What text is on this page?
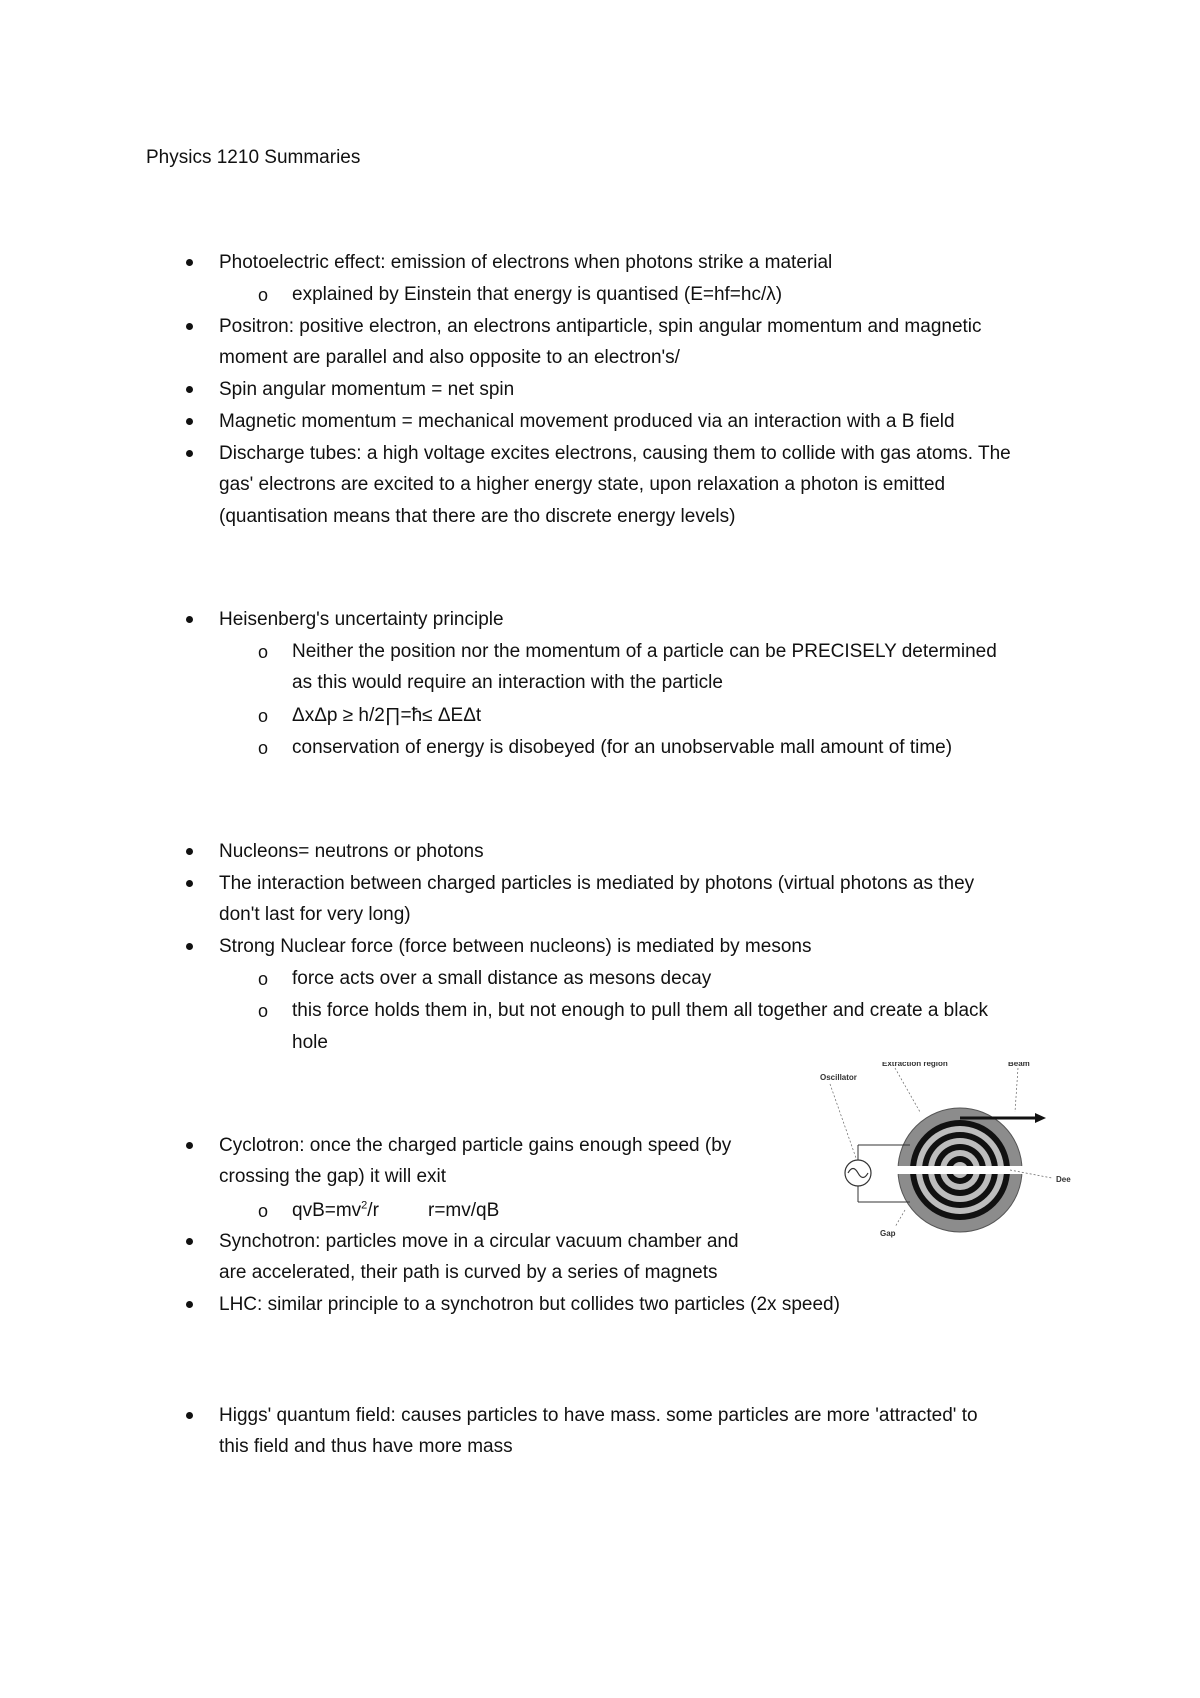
Physics 1210 Summaries
Photoelectric effect: emission of electrons when photons strike a material
o explained by Einstein that energy is quantised (E=hf=hc/λ)
Positron: positive electron, an electrons antiparticle, spin angular momentum and magnetic
moment are parallel and also opposite to an electron's/
Spin angular momentum = net spin
Magnetic momentum = mechanical movement produced via an interaction with a B field
Discharge tubes: a high voltage excites electrons, causing them to collide with gas atoms. The
gas' electrons are excited to a higher energy state, upon relaxation a photon is emitted
(quantisation means that there are tho discrete energy levels)
Heisenberg's uncertainty principle
o Neither the position nor the momentum of a particle can be PRECISELY determined
as this would require an interaction with the particle
o ΔxΔp ≥ h/2∏=ћ≤ ΔEΔt
o conservation of energy is disobeyed (for an unobservable mall amount of time)
Nucleons= neutrons or photons
The interaction between charged particles is mediated by photons (virtual photons as they
don't last for very long)
Strong Nuclear force (force between nucleons) is mediated by mesons
o force acts over a small distance as mesons decay
o this force holds them in, but not enough to pull them all together and create a black
hole
Cyclotron: once the charged particle gains enough speed (by
crossing the gap) it will exit
o $qvB=mv^2/r$	r=mv/qB
Synchotron: particles move in a circular vacuum chamber and
are accelerated, their path is curved by a series of magnets
LHC: similar principle to a synchotron but collides two particles (2x speed)
Higgs' quantum field: causes particles to have mass. some particles are more 'attracted' to
this field and thus have more mass
Oscillator
Extraction region	Beam
Dee
Gap
